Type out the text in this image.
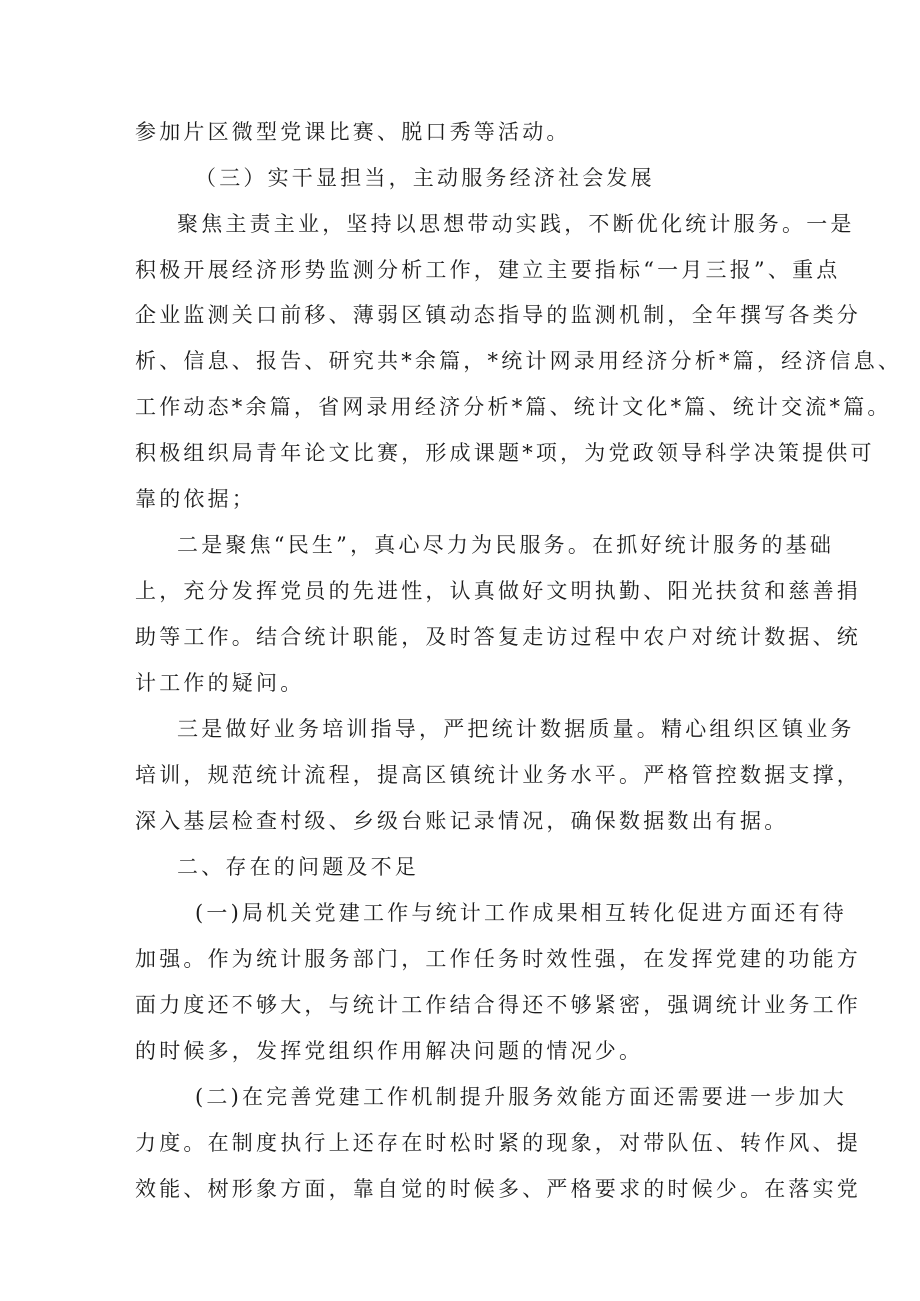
参加片区微型党课比赛、脱口秀等活动。
（三）实干显担当，主动服务经济社会发展
聚焦主责主业，坚持以思想带动实践，不断优化统计服务。一是
积极开展经济形势监测分析工作，建立主要指标“一月三报”、重点
企业监测关口前移、薄弱区镇动态指导的监测机制，全年撰写各类分
析、信息、报告、研究共*余篇，*统计网录用经济分析*篇，经济信息、
工作动态*余篇，省网录用经济分析*篇、统计文化*篇、统计交流*篇。
积极组织局青年论文比赛，形成课题*项，为党政领导科学决策提供可
靠的依据；
二是聚焦“民生”，真心尽力为民服务。在抓好统计服务的基础
上，充分发挥党员的先进性，认真做好文明执勤、阳光扶贫和慈善捐
助等工作。结合统计职能，及时答复走访过程中农户对统计数据、统
计工作的疑问。
三是做好业务培训指导，严把统计数据质量。精心组织区镇业务
培训，规范统计流程，提高区镇统计业务水平。严格管控数据支撑，
深入基层检查村级、乡级台账记录情况，确保数据数出有据。
二、存在的问题及不足
(一)局机关党建工作与统计工作成果相互转化促进方面还有待
加强。作为统计服务部门，工作任务时效性强，在发挥党建的功能方
面力度还不够大，与统计工作结合得还不够紧密，强调统计业务工作
的时候多，发挥党组织作用解决问题的情况少。
(二)在完善党建工作机制提升服务效能方面还需要进一步加大
力度。在制度执行上还存在时松时紧的现象，对带队伍、转作风、提
效能、树形象方面，靠自觉的时候多、严格要求的时候少。在落实党
